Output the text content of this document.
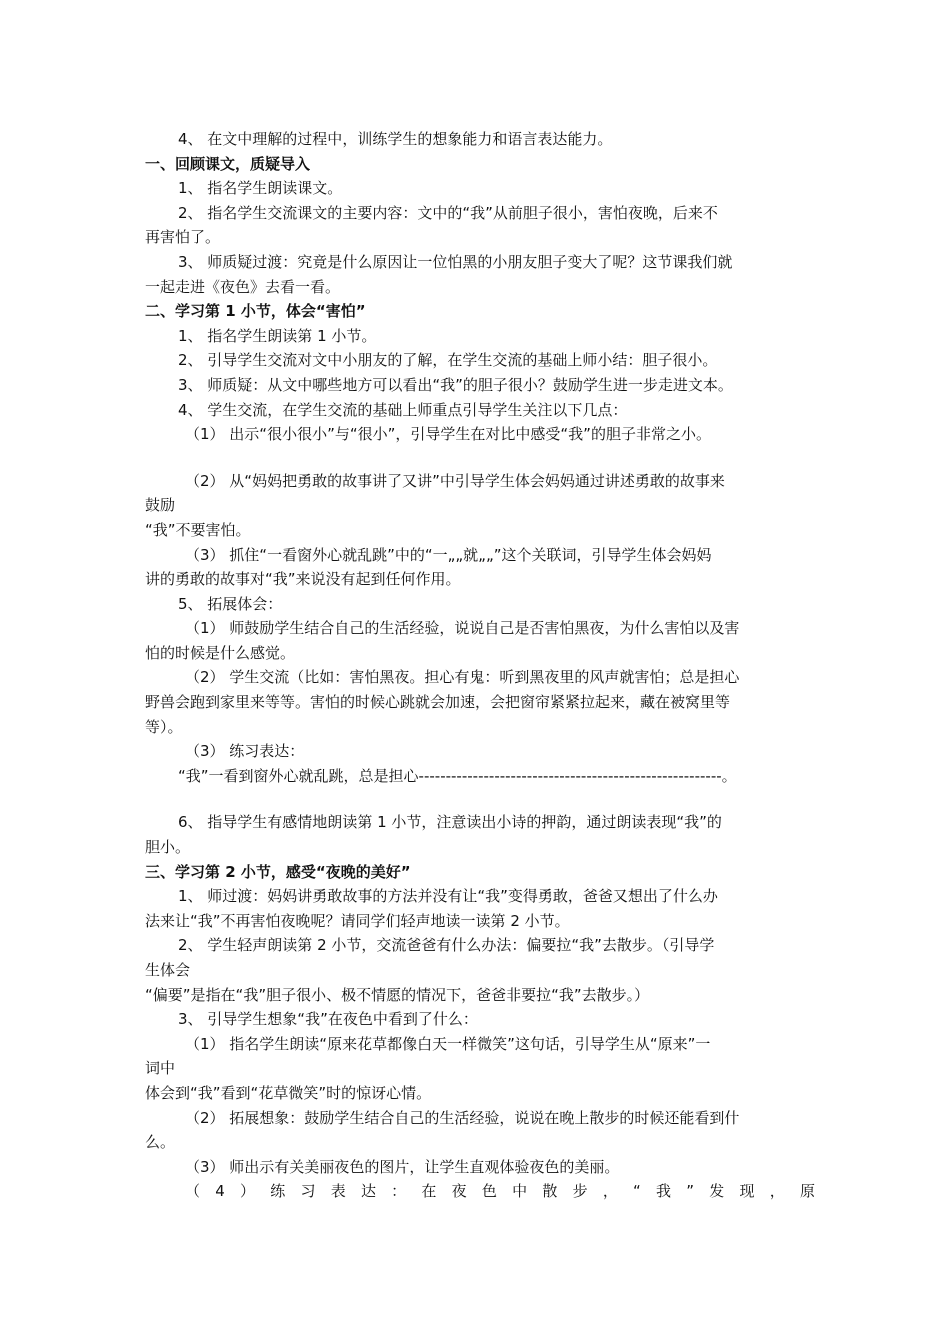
4、 在文中理解的过程中，训练学生的想象能力和语言表达能力。
一、回顾课文，质疑导入
1、 指名学生朗读课文。
2、 指名学生交流课文的主要内容：文中的“我”从前胆子很小，害怕夜晚，后来不
再害怕了。
3、 师质疑过渡：究竟是什么原因让一位怕黑的小朋友胆子变大了呢？这节课我们就
一起走进《夜色》去看一看。
二、学习第 1 小节，体会“害怕”
1、 指名学生朗读第 1 小节。
2、 引导学生交流对文中小朋友的了解，在学生交流的基础上师小结：胆子很小。
3、 师质疑：从文中哪些地方可以看出“我”的胆子很小？鼓励学生进一步走进文本。
4、 学生交流，在学生交流的基础上师重点引导学生关注以下几点：
（1） 出示“很小很小”与“很小”，引导学生在对比中感受“我”的胆子非常之小。
（2） 从“妈妈把勇敢的故事讲了又讲”中引导学生体会妈妈通过讲述勇敢的故事来
鼓励
“我”不要害怕。
（3） 抓住“一看窗外心就乱跳”中的“一„„就„„”这个关联词，引导学生体会妈妈
讲的勇敢的故事对“我”来说没有起到任何作用。
5、 拓展体会：
（1） 师鼓励学生结合自己的生活经验，说说自己是否害怕黑夜，为什么害怕以及害
怕的时候是什么感觉。
（2） 学生交流（比如：害怕黑夜。担心有鬼：听到黑夜里的风声就害怕；总是担心
野兽会跑到家里来等等。害怕的时候心跳就会加速，会把窗帘紧紧拉起来，藏在被窝里等
等）。
（3） 练习表达：
“我”一看到窗外心就乱跳，总是担心--------------------------------------------------------。
6、 指导学生有感情地朗读第 1 小节，注意读出小诗的押韵，通过朗读表现“我”的
胆小。
三、学习第 2 小节，感受“夜晚的美好”
1、 师过渡：妈妈讲勇敢故事的方法并没有让“我”变得勇敢，爸爸又想出了什么办
法来让“我”不再害怕夜晚呢？请同学们轻声地读一读第 2 小节。
2、 学生轻声朗读第 2 小节，交流爸爸有什么办法：偏要拉“我”去散步。（引导学
生体会
“偏要”是指在“我”胆子很小、极不情愿的情况下，爸爸非要拉“我”去散步。）
3、 引导学生想象“我”在夜色中看到了什么：
（1） 指名学生朗读“原来花草都像白天一样微笑”这句话，引导学生从“原来”一
词中
体会到“我”看到“花草微笑”时的惊讶心情。
（2） 拓展想象：鼓励学生结合自己的生活经验，说说在晚上散步的时候还能看到什
么。
（3） 师出示有关美丽夜色的图片，让学生直观体验夜色的美丽。
（ 4 ） 练 习 表 达 ： 在 夜 色 中 散 步 ， “ 我 ” 发 现 ， 原
